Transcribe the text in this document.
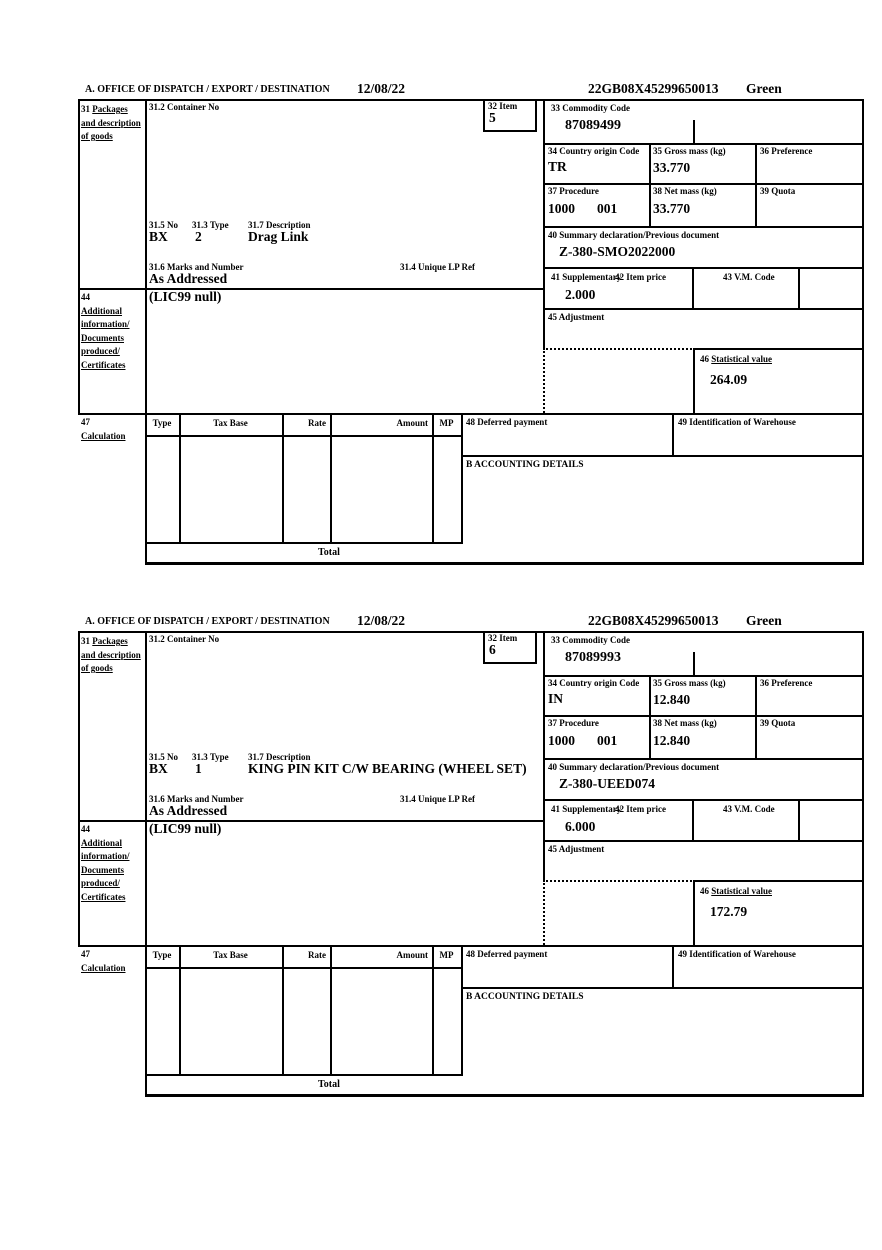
A. OFFICE OF DISPATCH / EXPORT / DESTINATION 12/08/22	22GB08X45299650013 Green
31 Packages and description of goods
44
Additional information/ Documents produced/ Certificates
47
Calculation
31.2 Container No	32 Item
5
31.5 No 31.3 Type 31.7 Description
BX 2	Drag Link
31.6 Marks and Number	31.4 Unique LP Ref
As Addressed
(LIC99 null)
33 Commodity Code
87089499
34 Country origin Code
TR
35 Gross mass (kg)
33.770
36 Preference
37 Procedure
1000 001
38 Net mass (kg)
33.770
39 Quota
40 Summary declaration/Previous document
Z-380-SMO2022000
41 Supplementary
2.000
42 Item price	43 V.M. Code
45 Adjustment
46 Statistical value
264.09
Type	Tax Base	Rate	Amount	MP	48 Deferred payment	49 Identification of Warehouse
B ACCOUNTING DETAILS
Total
A. OFFICE OF DISPATCH / EXPORT / DESTINATION 12/08/22	22GB08X45299650013 Green
31 Packages and description of goods
44
Additional information/ Documents produced/ Certificates
47
Calculation
31.2 Container No	32 Item
6
31.5 No 31.3 Type 31.7 Description
BX 1	KING PIN KIT C/W BEARING (WHEEL SET)
31.6 Marks and Number	31.4 Unique LP Ref
As Addressed
(LIC99 null)
33 Commodity Code
87089993
34 Country origin Code
IN
35 Gross mass (kg)
12.840
36 Preference
37 Procedure
1000 001
38 Net mass (kg)
12.840
39 Quota
40 Summary declaration/Previous document
Z-380-UEED074
41 Supplementary
6.000
42 Item price	43 V.M. Code
45 Adjustment
46 Statistical value
172.79
Type	Tax Base	Rate	Amount	MP	48 Deferred payment	49 Identification of Warehouse
B ACCOUNTING DETAILS
Total
